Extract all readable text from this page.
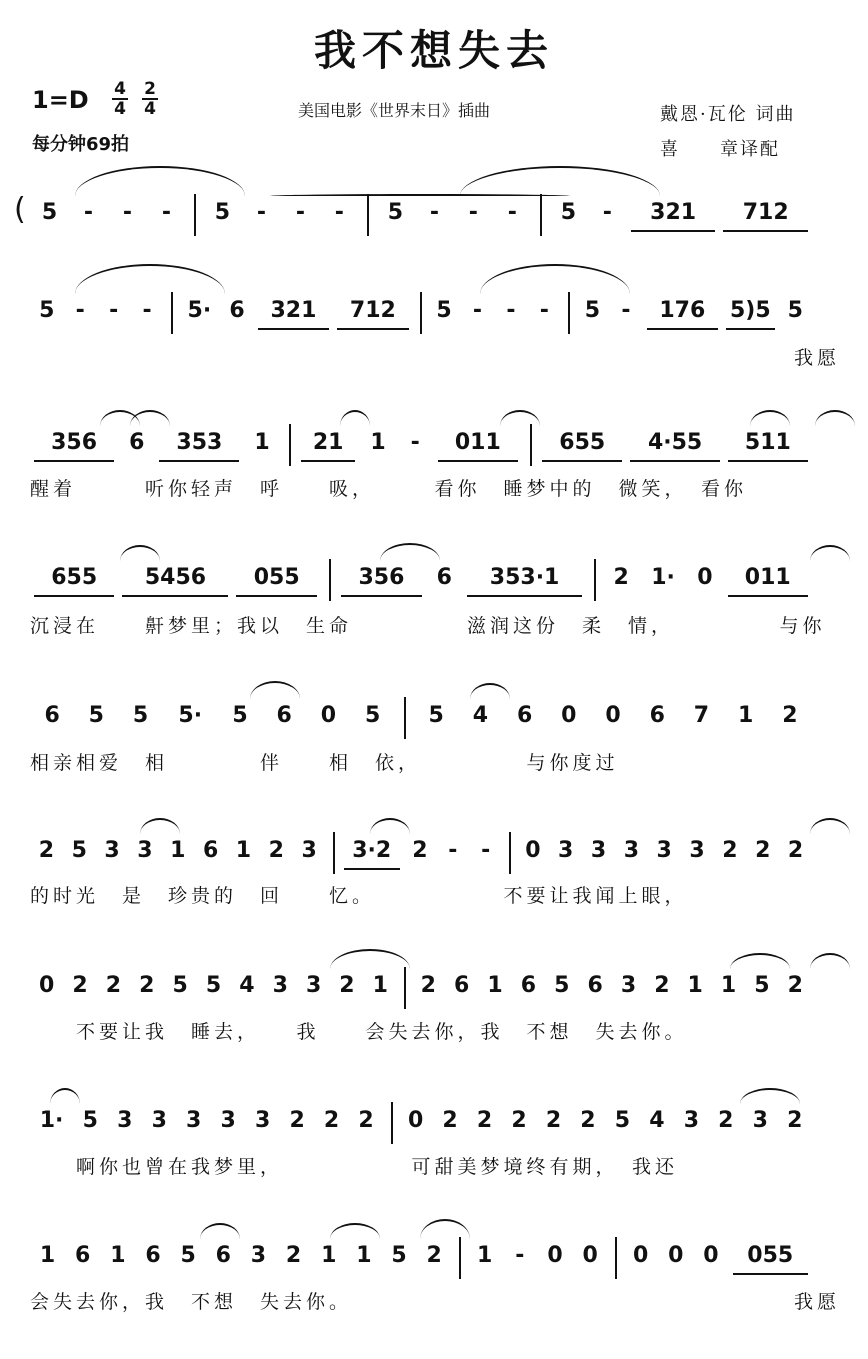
我不想失去
1=D 4
4
2
4
每分钟69拍
美国电影《世界末日》插曲	戴恩·瓦伦 词曲
喜　　章译配
( 5	-	-	-	5	-	-	-	5	-	-	-	5	-	321	712
5 -	-	-	5· 6	321	712	5 -	-	-	5 -	176	5)5 5
我愿
356	6	353	1	21	1	-	011	655	4·55	511
醒着　　　听你轻声　呼　　吸，　　　看你　睡梦中的　微笑，　看你
655	5456	055	356	6	353·1	2	1·	0	011
沉浸在　　鼾梦里；我以　生命　　　　　滋润这份　柔　情，　　　　　与你
6	5	5	5·	5	6	0	5	5	4	6	0	0	6	7	1	2
相亲相爱　相　　　　伴　　相　依，　　　　　与你度过
2 5 3 3 1 6 1 2 3	3·2 2 -	-	0 3 3 3 3 3 2 2 2
的时光　是　珍贵的　回　　忆。　　　　　　不要让我闻上眼，
0 2 2 2 5 5 4 3 3 2 1	2 6 1 6 5 6 3 2 1 1 5 2
　　不要让我　睡去，　　我　　会失去你，我　不想　失去你。
1· 5 3 3 3 3 3 2 2 2	0 2 2 2 2 2 5 4 3 2 3 2
　　啊你也曾在我梦里，　　　　　　可甜美梦境终有期，　我还
1 6 1 6 5 6 3 2 1 1 5 2	1	-	0 0	0 0 0	055
会失去你，我　不想　失去你。	我愿
